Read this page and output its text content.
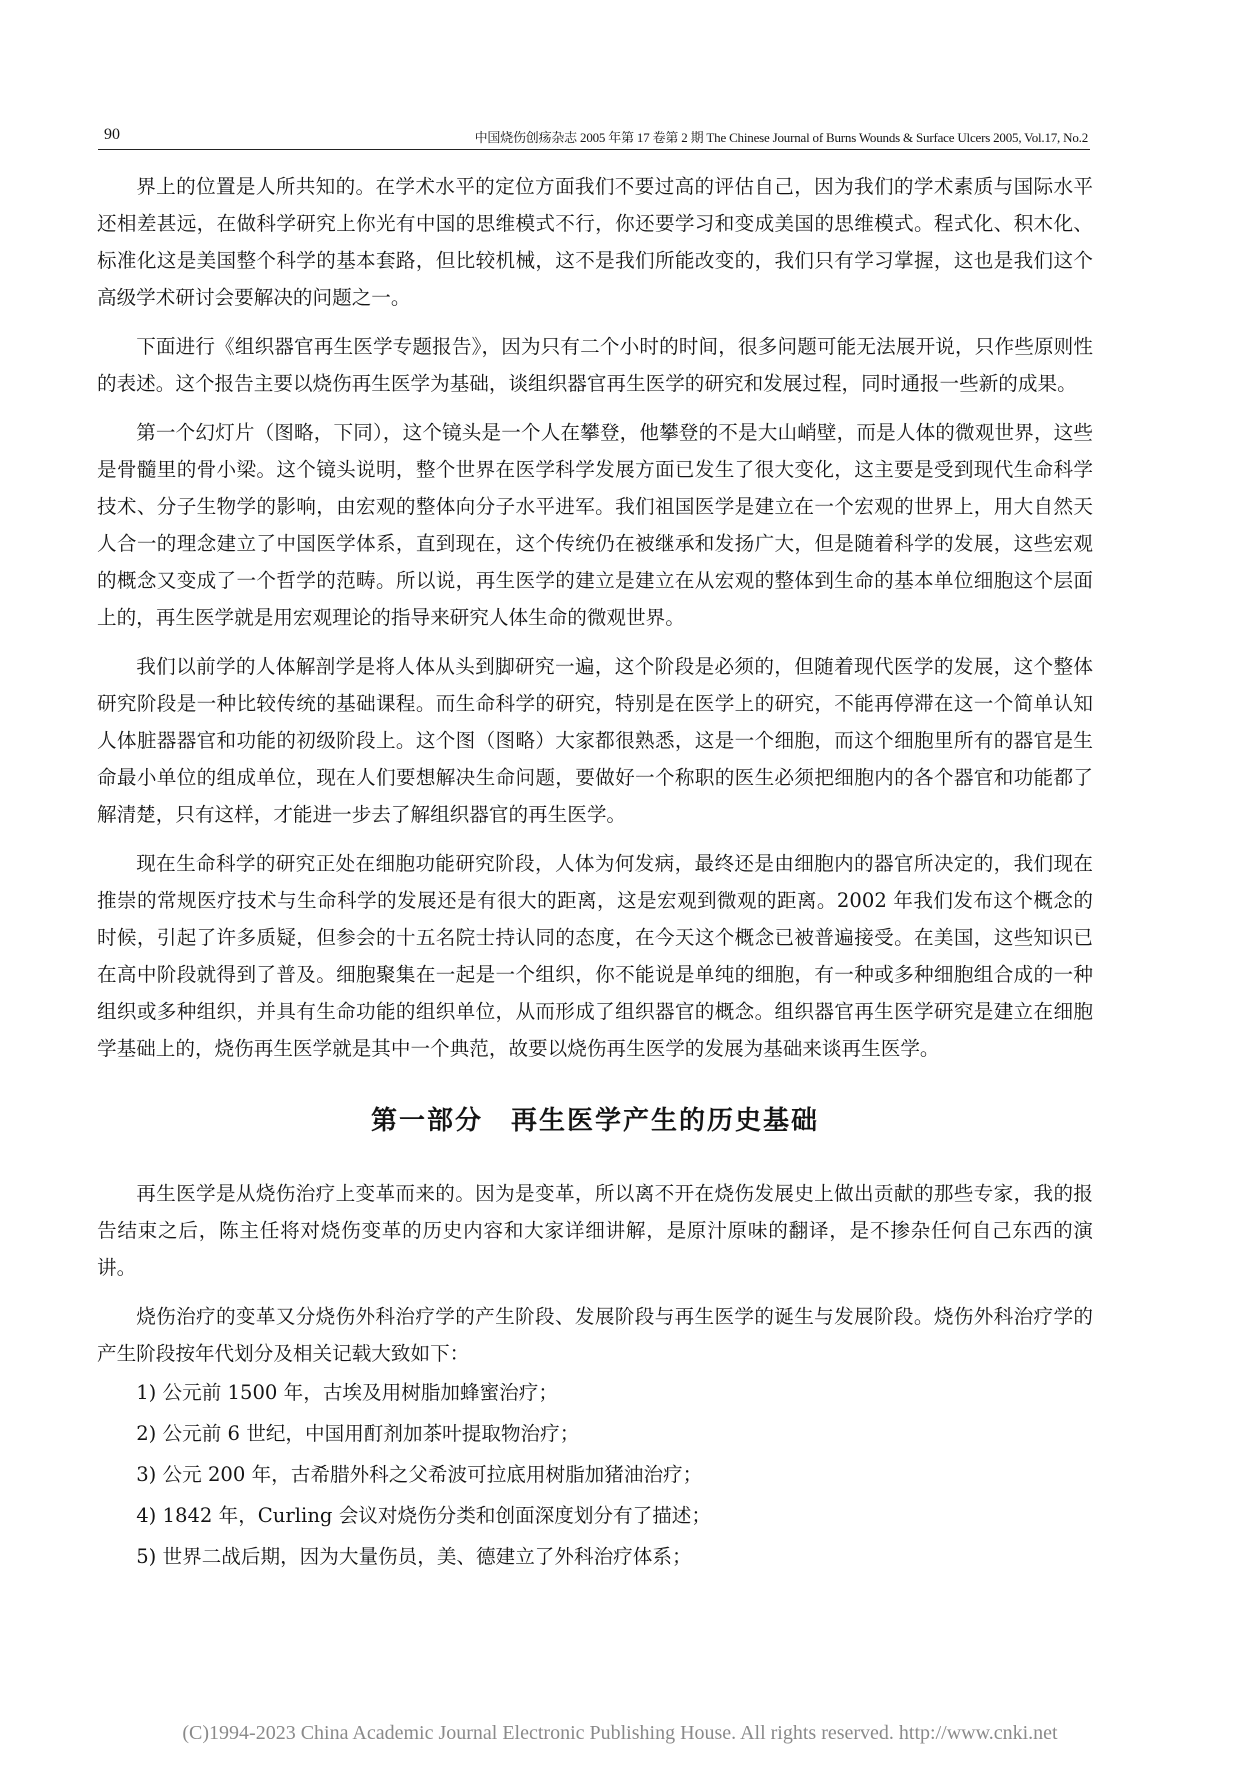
90	中国烧伤创疡杂志 2005 年第 17 卷第 2 期 The Chinese Journal of Burns Wounds & Surface Ulcers 2005, Vol.17, No.2

界上的位置是人所共知的。在学术水平的定位方面我们不要过高的评估自己，因为我们的学术素质与国际水平还相差甚远，在做科学研究上你光有中国的思维模式不行，你还要学习和变成美国的思维模式。程式化、积木化、标准化这是美国整个科学的基本套路，但比较机械，这不是我们所能改变的，我们只有学习掌握，这也是我们这个高级学术研讨会要解决的问题之一。

下面进行《组织器官再生医学专题报告》，因为只有二个小时的时间，很多问题可能无法展开说，只作些原则性的表述。这个报告主要以烧伤再生医学为基础，谈组织器官再生医学的研究和发展过程，同时通报一些新的成果。

第一个幻灯片（图略，下同），这个镜头是一个人在攀登，他攀登的不是大山峭壁，而是人体的微观世界，这些是骨髓里的骨小梁。这个镜头说明，整个世界在医学科学发展方面已发生了很大变化，这主要是受到现代生命科学技术、分子生物学的影响，由宏观的整体向分子水平进军。我们祖国医学是建立在一个宏观的世界上，用大自然天人合一的理念建立了中国医学体系，直到现在，这个传统仍在被继承和发扬广大，但是随着科学的发展，这些宏观的概念又变成了一个哲学的范畴。所以说，再生医学的建立是建立在从宏观的整体到生命的基本单位细胞这个层面上的，再生医学就是用宏观理论的指导来研究人体生命的微观世界。

我们以前学的人体解剖学是将人体从头到脚研究一遍，这个阶段是必须的，但随着现代医学的发展，这个整体研究阶段是一种比较传统的基础课程。而生命科学的研究，特别是在医学上的研究，不能再停滞在这一个简单认知人体脏器器官和功能的初级阶段上。这个图（图略）大家都很熟悉，这是一个细胞，而这个细胞里所有的器官是生命最小单位的组成单位，现在人们要想解决生命问题，要做好一个称职的医生必须把细胞内的各个器官和功能都了解清楚，只有这样，才能进一步去了解组织器官的再生医学。

现在生命科学的研究正处在细胞功能研究阶段，人体为何发病，最终还是由细胞内的器官所决定的，我们现在推崇的常规医疗技术与生命科学的发展还是有很大的距离，这是宏观到微观的距离。2002 年我们发布这个概念的时候，引起了许多质疑，但参会的十五名院士持认同的态度，在今天这个概念已被普遍接受。在美国，这些知识已在高中阶段就得到了普及。细胞聚集在一起是一个组织，你不能说是单纯的细胞，有一种或多种细胞组合成的一种组织或多种组织，并具有生命功能的组织单位，从而形成了组织器官的概念。组织器官再生医学研究是建立在细胞学基础上的，烧伤再生医学就是其中一个典范，故要以烧伤再生医学的发展为基础来谈再生医学。

第一部分　再生医学产生的历史基础

再生医学是从烧伤治疗上变革而来的。因为是变革，所以离不开在烧伤发展史上做出贡献的那些专家，我的报告结束之后，陈主任将对烧伤变革的历史内容和大家详细讲解，是原汁原味的翻译，是不掺杂任何自己东西的演讲。

烧伤治疗的变革又分烧伤外科治疗学的产生阶段、发展阶段与再生医学的诞生与发展阶段。烧伤外科治疗学的产生阶段按年代划分及相关记载大致如下：

1) 公元前 1500 年，古埃及用树脂加蜂蜜治疗；
2) 公元前 6 世纪，中国用酊剂加茶叶提取物治疗；
3) 公元 200 年，古希腊外科之父希波可拉底用树脂加猪油治疗；
4) 1842 年，Curling 会议对烧伤分类和创面深度划分有了描述；
5) 世界二战后期，因为大量伤员，美、德建立了外科治疗体系；
(C)1994-2023 China Academic Journal Electronic Publishing House. All rights reserved. http://www.cnki.net
